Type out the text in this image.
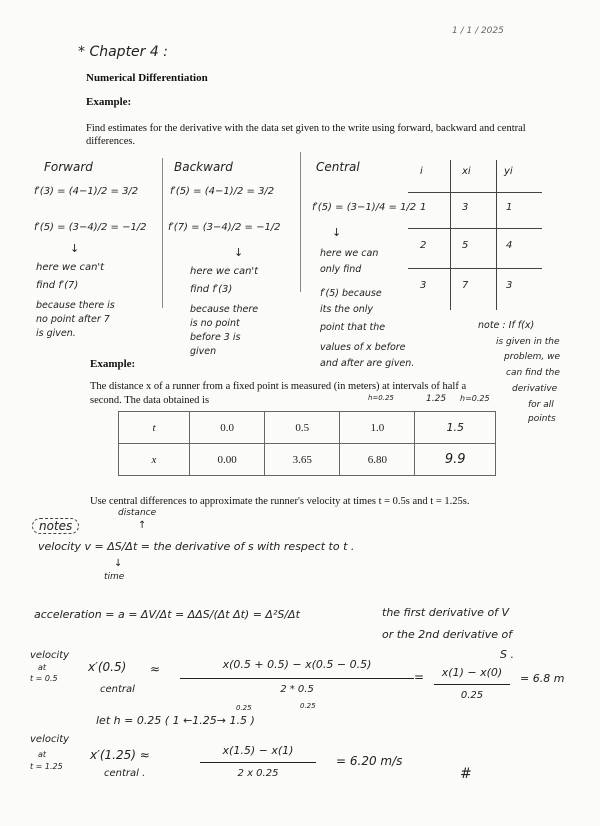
1 / 1 / 2025
* Chapter 4 :
Numerical Differentiation
Example:
Find estimates for the derivative with the data set given to the write using forward, backward and central differences.
Forward
f′(3) = (4−1)/2 = 3/2
f′(5) = (3−4)/2 = −1/2
↓
here we can't
find f′(7)
because there is
no point after 7
is given.
Backward
f′(5) = (4−1)/2 = 3/2
f′(7) = (3−4)/2 = −1/2
↓
here we can't
find f′(3)
because there
is no point
before 3 is
given
Central
f′(5) = (3−1)/4 = 1/2
↓
here we can
only find
f′(5) because
its the only
point that the
values of x before
and after are given.
i	xi	yi
1	3	1
2	5	4
3	7	3
note : If f(x)
is given in the
problem, we
can find the
derivative
for all
points
Example:
The distance x of a runner from a fixed point is measured (in meters) at intervals of half a
second. The data obtained is	h=0.25	1.25 h=0.25
t	0.0	0.5	1.0	1.5
x	0.00	3.65	6.80	9.9
Use central differences to approximate the runner's velocity at times t = 0.5s and t = 1.25s.
notes
distance
↑
velocity v = ΔS/Δt = the derivative of s with respect to t .
↓
time
acceleration = a = ΔV/Δt = ΔΔS/(Δt Δt) = Δ²S/Δt	the first derivative of V
or the 2nd derivative of
S .
velocity
at
t = 0.5
x′(0.5) ≈
central
x(0.5 + 0.5) − x(0.5 − 0.5)
2 * 0.5
=	x(1) − x(0)
0.25
= 6.8 m
0.25	0.25
let h = 0.25 ( 1 ←1.25→ 1.5 )
velocity
at
t = 1.25
x′(1.25) ≈
central .
x(1.5) − x(1)
2 x 0.25
= 6.20 m/s
#
